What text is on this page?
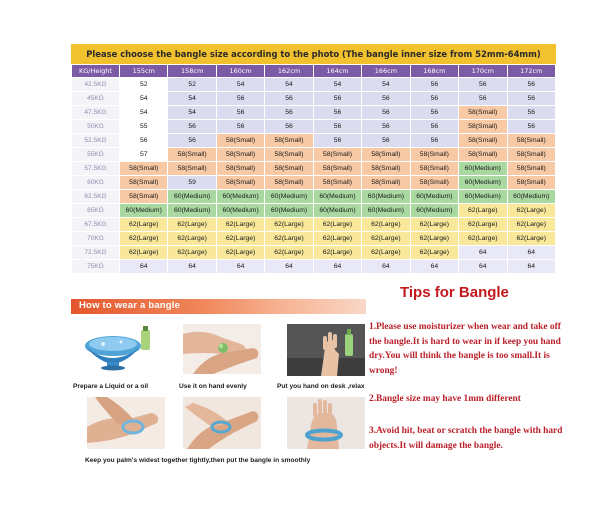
Please choose the bangle size according to the photo (The bangle inner size from 52mm-64mm)
KG/Height	155cm	158cm	160cm	162cm	164cm	166cm	168cm	170cm	172cm
42.5KG	52	52	54	54	54	54	56	56	56
45KG	54	54	56	56	56	56	56	56	56
47.5KG	54	54	56	56	56	56	56	58(Small)	56
50KG	55	56	56	56	56	56	56	58(Small)	56
52.5KG	56	56	58(Small)	58(Small)	56	56	56	58(Small)	58(Small)
55KG	57	58(Small)	58(Small)	58(Small)	58(Small)	58(Small)	58(Small)	58(Small)	58(Small)
57.5KG	58(Small)	58(Small)	58(Small)	58(Small)	58(Small)	58(Small)	58(Small)	60(Medium)	58(Small)
60KG	58(Small)	59	58(Small)	58(Small)	58(Small)	58(Small)	58(Small)	60(Medium)	58(Small)
62.5KG	58(Small)	60(Medium)	60(Medium)	60(Medium)	60(Medium)	60(Medium)	60(Medium)	60(Medium)	60(Medium)
65KG	60(Medium)	60(Medium)	60(Medium)	60(Medium)	60(Medium)	60(Medium)	60(Medium)	62(Large)	62(Large)
67.5KG	62(Large)	62(Large)	62(Large)	62(Large)	62(Large)	62(Large)	62(Large)	62(Large)	62(Large)
70KG	62(Large)	62(Large)	62(Large)	62(Large)	62(Large)	62(Large)	62(Large)	62(Large)	62(Large)
72.5KG	62(Large)	62(Large)	62(Large)	62(Large)	62(Large)	62(Large)	62(Large)	64	64
75KG	64	64	64	64	64	64	64	64	64
How to wear a bangle
Prepare a Liquid or a oil	Use it on hand evenly	Put you hand on desk ,relax
Keep you palm's widest together tightly,then put the bangle in smoothly
Tips for Bangle
1.Please use moisturizer when wear and take off the bangle.It is hard to wear in if keep you hand dry.You will think the bangle is too small.It is wrong!
2.Bangle size may have 1mm different
3.Avoid hit, beat or scratch the bangle with hard objects.It will damage the bangle.
